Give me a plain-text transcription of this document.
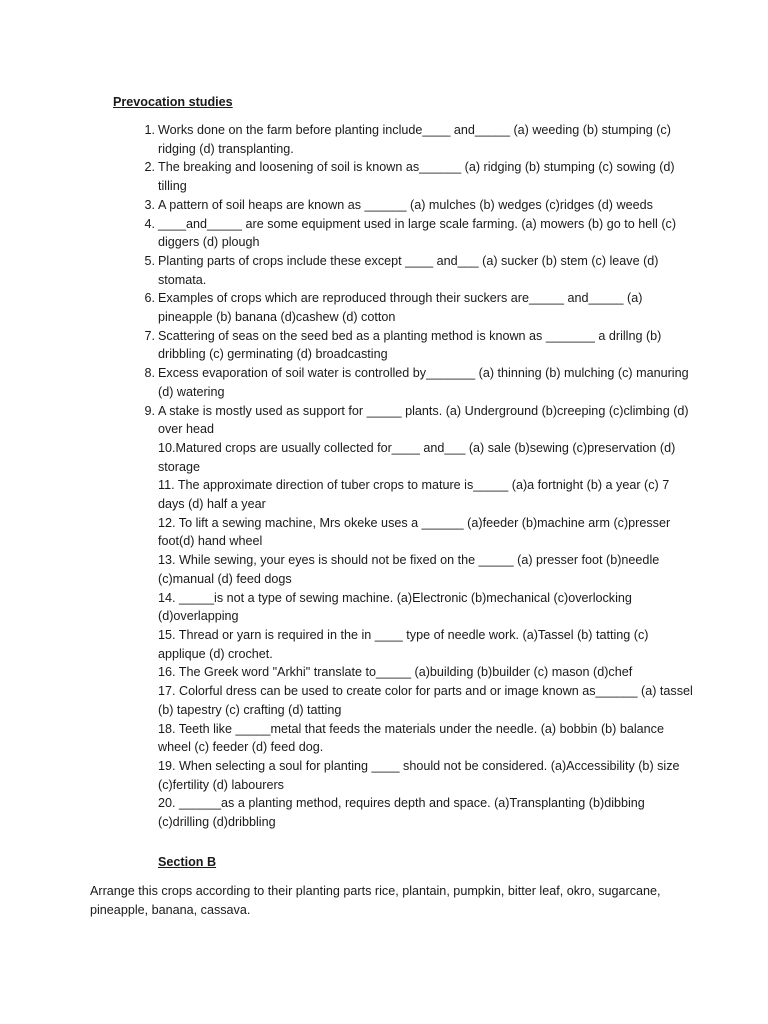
Prevocation studies

1. Works done on the farm before planting include____ and_____ (a) weeding (b) stumping (c) ridging (d) transplanting.

2. The breaking and loosening of soil is known as______ (a) ridging (b) stumping (c) sowing (d) tilling

3. A pattern of soil heaps are known as ______ (a) mulches (b) wedges (c)ridges (d) weeds

4. ____and_____ are some equipment used in large scale farming. (a) mowers (b) go to hell (c) diggers (d) plough

5. Planting parts of crops include these except ____ and___ (a) sucker (b) stem (c) leave (d) stomata.

6. Examples of crops which are reproduced through their suckers are_____ and_____ (a) pineapple (b) banana (d)cashew (d) cotton

7. Scattering of seas on the seed bed as a planting method is known as _______ a drillng (b) dribbling (c) germinating (d) broadcasting

8. Excess evaporation of soil water is controlled by_______ (a) thinning (b) mulching (c) manuring (d) watering

9. A stake is mostly used as support for _____ plants. (a) Underground (b)creeping (c)climbing (d) over head

10.Matured crops are usually collected for____ and___ (a) sale (b)sewing (c)preservation (d) storage

11. The approximate direction of tuber crops to mature is_____ (a)a fortnight (b) a year (c) 7 days (d) half a year

12. To lift a sewing machine, Mrs okeke uses a ______ (a)feeder (b)machine arm (c)presser foot(d) hand wheel

13. While sewing, your eyes is should not be fixed on the _____ (a) presser foot (b)needle (c)manual (d) feed dogs

14. _____is not a type of sewing machine. (a)Electronic (b)mechanical (c)overlocking (d)overlapping

15. Thread or yarn is required in the in ____ type of needle work. (a)Tassel (b) tatting (c) applique (d) crochet.

16. The Greek word "Arkhi" translate to_____ (a)building (b)builder (c) mason (d)chef

17. Colorful dress can be used to create color for parts and or image known as______ (a) tassel (b) tapestry (c) crafting (d) tatting

18. Teeth like _____metal that feeds the materials under the needle. (a) bobbin (b) balance wheel (c) feeder (d) feed dog.

19. When selecting a soul for planting ____ should not be considered. (a)Accessibility (b) size (c)fertility (d) labourers

20. ______as a planting method, requires depth and space. (a)Transplanting (b)dibbing (c)drilling (d)dribbling

Section B
Arrange this crops according to their planting parts rice, plantain, pumpkin, bitter leaf, okro, sugarcane, pineapple, banana, cassava.
